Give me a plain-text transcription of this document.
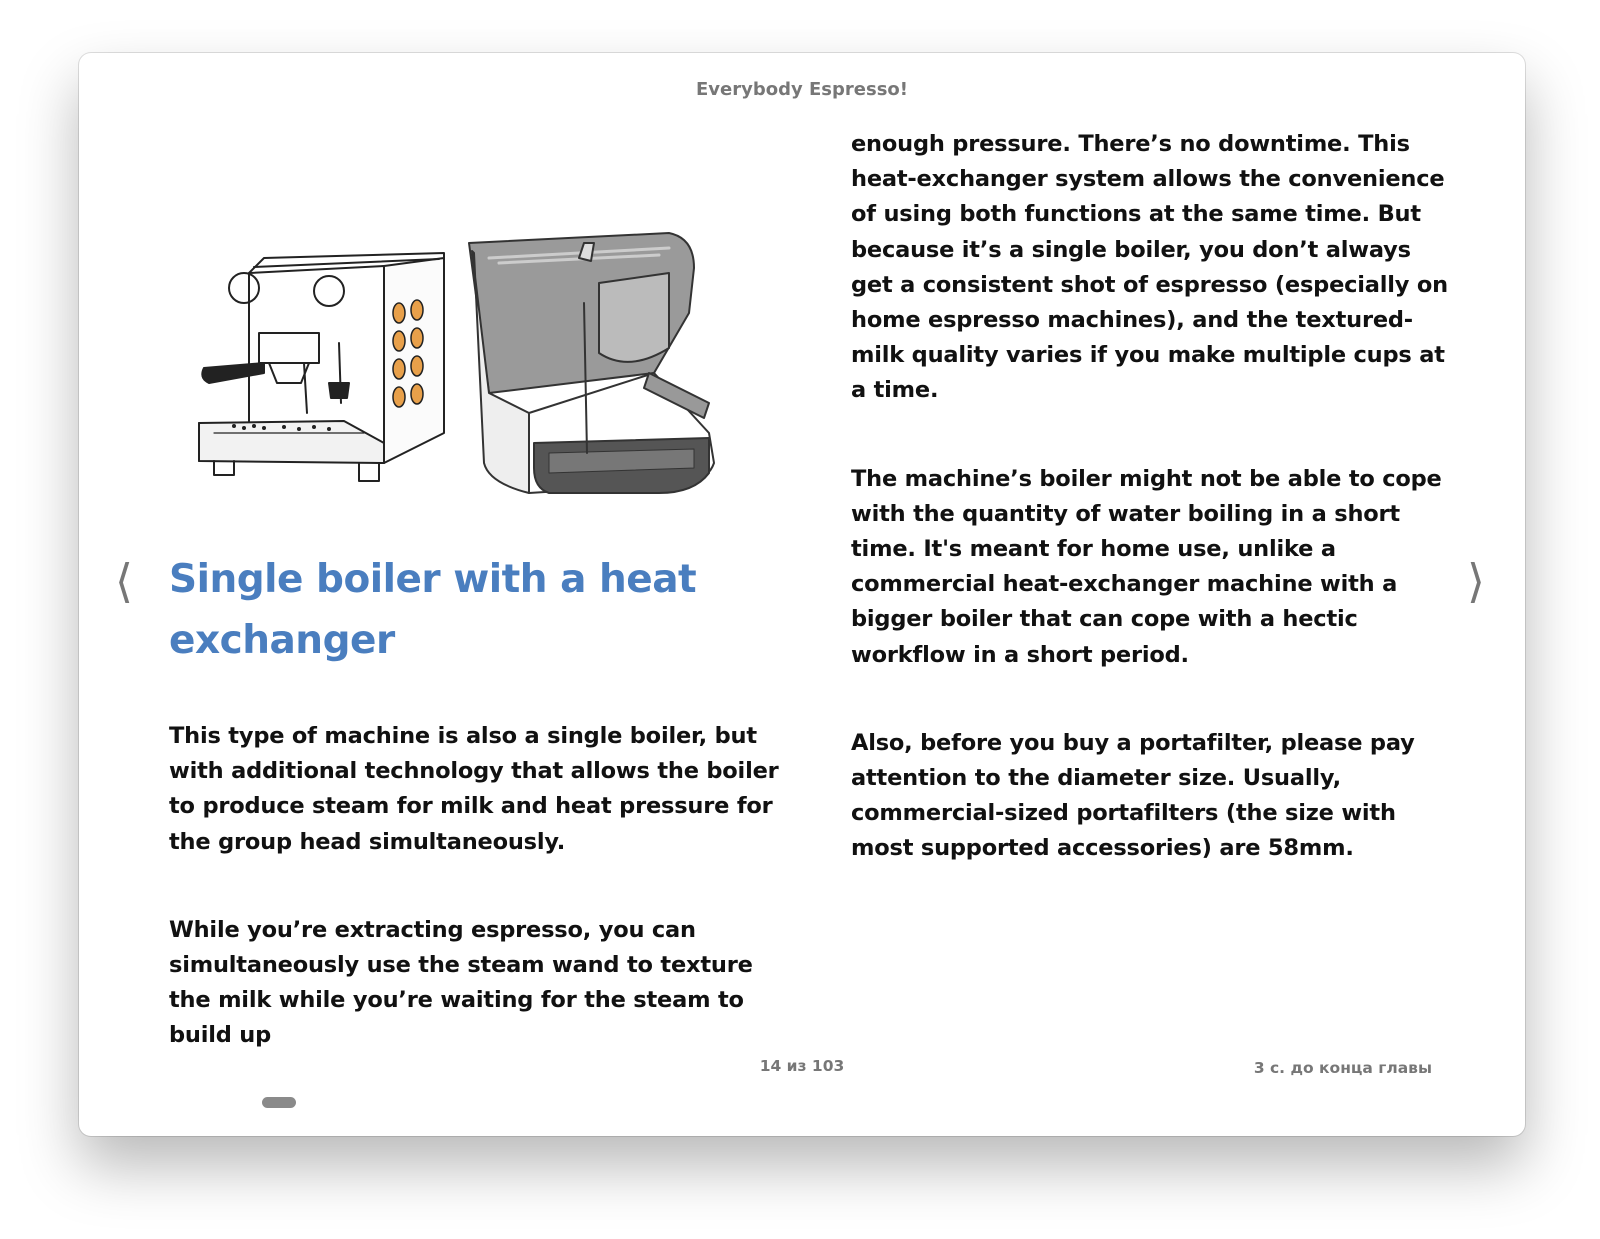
Everybody Espresso!
⟨	⟩
Single boiler with a heat exchanger

This type of machine is also a single boiler, but with additional technology that allows the boiler to produce steam for milk and heat pressure for the group head simultaneously.

While you’re extracting espresso, you can simultaneously use the steam wand to texture the milk while you’re waiting for the steam to build up

enough pressure. There’s no downtime. This heat-exchanger system allows the convenience of using both functions at the same time. But because it’s a single boiler, you don’t always get a consistent shot of espresso (especially on home espresso machines), and the textured-milk quality varies if you make multiple cups at a time.

The machine’s boiler might not be able to cope with the quantity of water boiling in a short time. It's meant for home use, unlike a commercial heat-exchanger machine with a bigger boiler that can cope with a hectic workflow in a short period.

Also, before you buy a portafilter, please pay attention to the diameter size. Usually, commercial-sized portafilters (the size with most supported accessories) are 58mm.

14 из 103	3 с. до конца главы
